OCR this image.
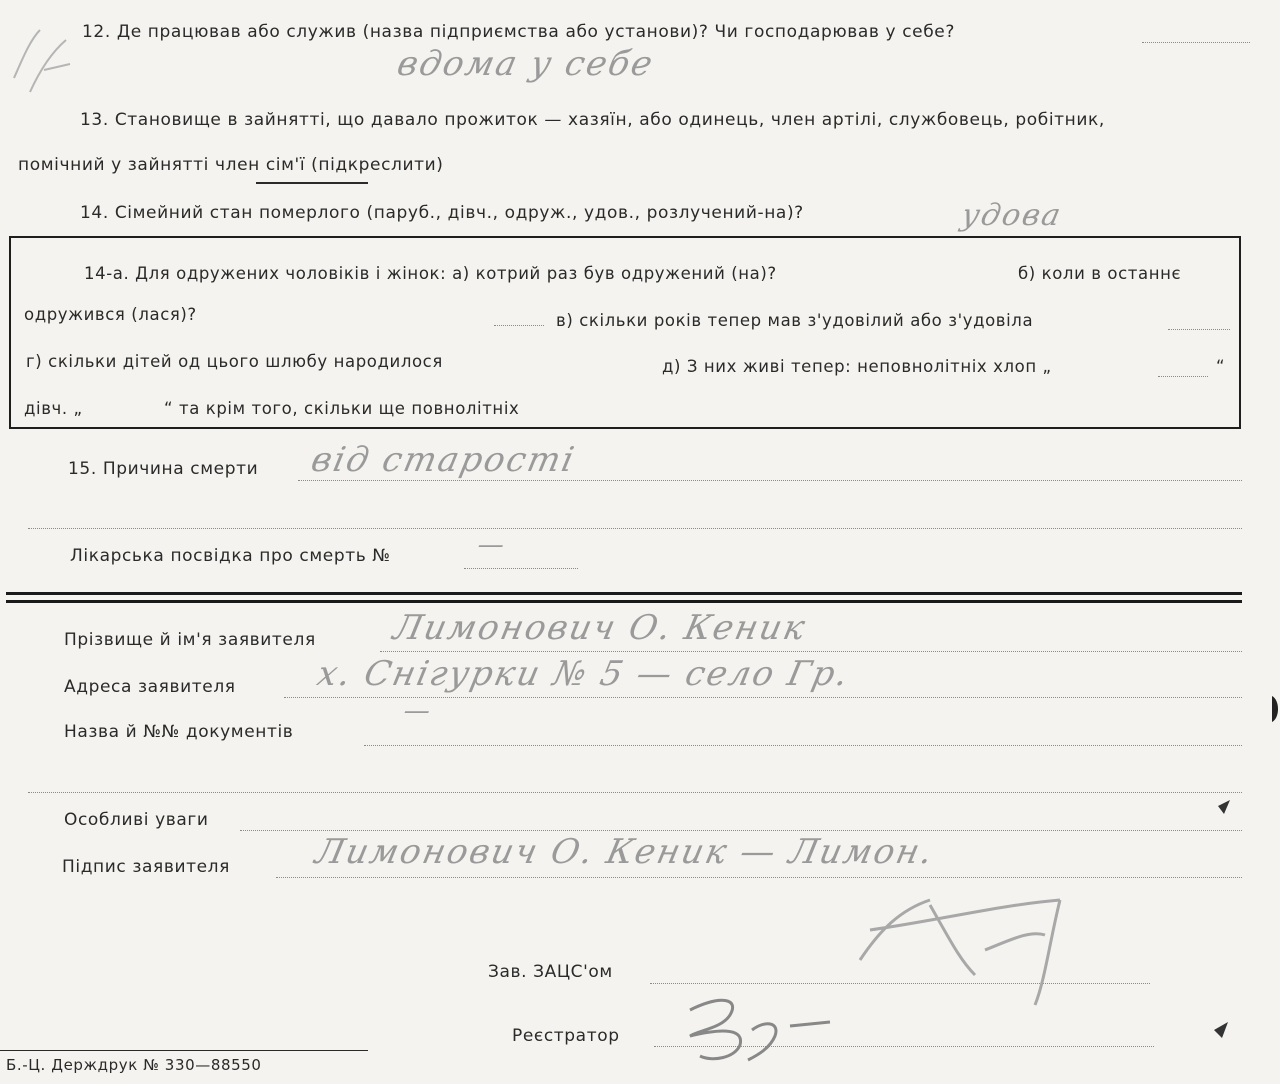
12. Де працював або служив (назва підприємства або установи)? Чи господарював у себе?
вдома у себе
13. Становище в зайнятті, що давало прожиток — хазяїн, або одинець, член артілі, службовець, робітник,
помічний у зайнятті член сім'ї (підкреслити)
14. Сімейний стан померлого (паруб., дівч., одруж., удов., розлучений-на)?	удова
14-а. Для одружених чоловіків і жінок: а) котрий раз був одружений (на)?	б) коли в останнє
одружився (лася)?	в) скільки років тепер мав з'удовілий або з'удовіла
г) скільки дітей од цього шлюбу народилося	д) З них живі тепер: неповнолітніх хлоп „	“
дівч. „	“ та крім того, скільки ще повнолітніх
15. Причина смерти від старості
Лікарська посвідка про смерть №	—
Прізвище й ім'я заявителя Лимонович О. Кеник
Адреса заявителя х. Снігурки № 5 — село Гр.
Назва й №№ документів
—
Особливі уваги
Підпис заявителя Лимонович О. Кеник — Лимон.
Зав. ЗАЦС'ом
Реєстратор
Б.-Ц. Держдрук № 330—88550
